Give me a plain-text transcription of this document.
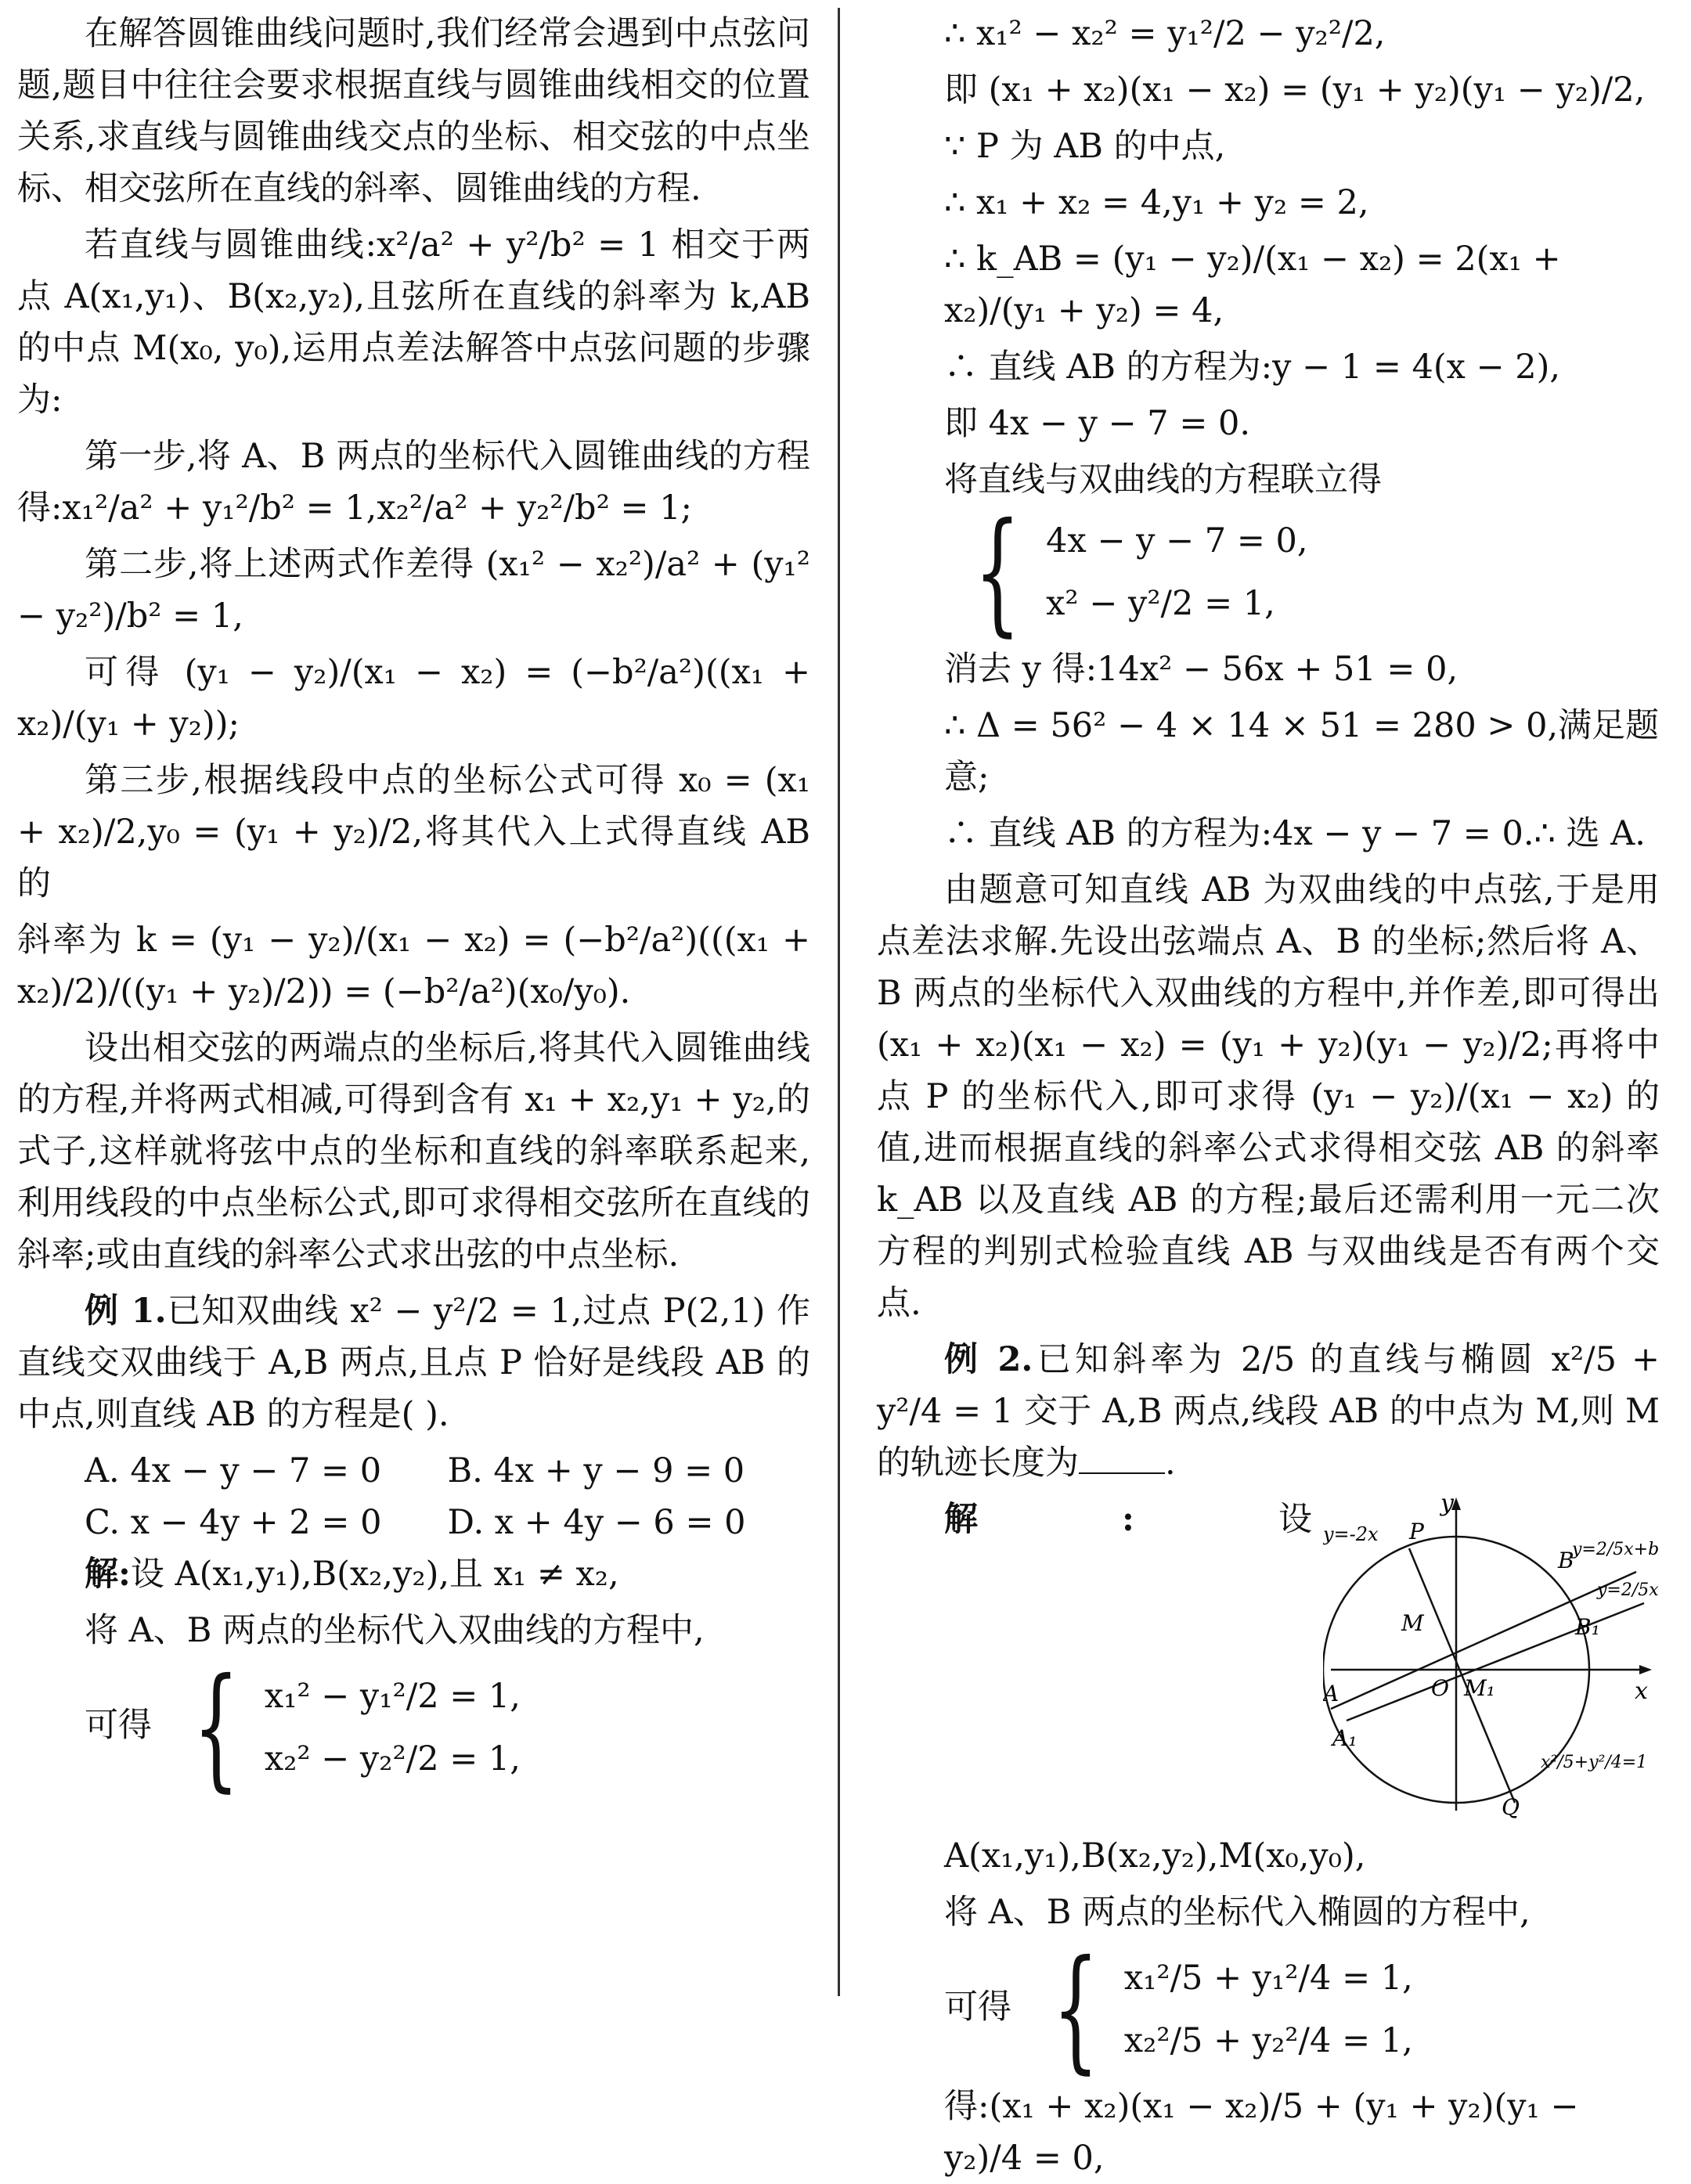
在解答圆锥曲线问题时,我们经常会遇到中点弦问题,题目中往往会要求根据直线与圆锥曲线相交的位置关系,求直线与圆锥曲线交点的坐标、相交弦的中点坐标、相交弦所在直线的斜率、圆锥曲线的方程.

若直线与圆锥曲线:x²/a² + y²/b² = 1 相交于两点 A(x₁,y₁)、B(x₂,y₂),且弦所在直线的斜率为 k,AB 的中点 M(x₀, y₀),运用点差法解答中点弦问题的步骤为:

第一步,将 A、B 两点的坐标代入圆锥曲线的方程得:x₁²/a² + y₁²/b² = 1,x₂²/a² + y₂²/b² = 1;

第二步,将上述两式作差得 (x₁² − x₂²)/a² + (y₁² − y₂²)/b² = 1,

可得 (y₁ − y₂)/(x₁ − x₂) = (−b²/a²)((x₁ + x₂)/(y₁ + y₂));

第三步,根据线段中点的坐标公式可得 x₀ = (x₁ + x₂)/2,y₀ = (y₁ + y₂)/2,将其代入上式得直线 AB 的

斜率为 k = (y₁ − y₂)/(x₁ − x₂) = (−b²/a²)(((x₁ + x₂)/2)/((y₁ + y₂)/2)) = (−b²/a²)(x₀/y₀).

设出相交弦的两端点的坐标后,将其代入圆锥曲线的方程,并将两式相减,可得到含有 x₁ + x₂,y₁ + y₂,的式子,这样就将弦中点的坐标和直线的斜率联系起来,利用线段的中点坐标公式,即可求得相交弦所在直线的斜率;或由直线的斜率公式求出弦的中点坐标.

例 1.已知双曲线 x² − y²/2 = 1,过点 P(2,1) 作直线交双曲线于 A,B 两点,且点 P 恰好是线段 AB 的中点,则直线 AB 的方程是( ).

A. 4x − y − 7 = 0	B. 4x + y − 9 = 0
C. x − 4y + 2 = 0	D. x + 4y − 6 = 0

解:设 A(x₁,y₁),B(x₂,y₂),且 x₁ ≠ x₂,

将 A、B 两点的坐标代入双曲线的方程中,

可得 { x₁² − y₁²/2 = 1,
x₂² − y₂²/2 = 1,
∴ x₁² − x₂² = y₁²/2 − y₂²/2,
即 (x₁ + x₂)(x₁ − x₂) = (y₁ + y₂)(y₁ − y₂)/2,
∵ P 为 AB 的中点,
∴ x₁ + x₂ = 4,y₁ + y₂ = 2,
∴ k_AB = (y₁ − y₂)/(x₁ − x₂) = 2(x₁ + x₂)/(y₁ + y₂) = 4,
∴ 直线 AB 的方程为:y − 1 = 4(x − 2),
即 4x − y − 7 = 0.
将直线与双曲线的方程联立得
{ 4x − y − 7 = 0,
x² − y²/2 = 1,
消去 y 得:14x² − 56x + 51 = 0,
∴ Δ = 56² − 4 × 14 × 51 = 280 > 0,满足题意;
∴ 直线 AB 的方程为:4x − y − 7 = 0.∴ 选 A.

由题意可知直线 AB 为双曲线的中点弦,于是用点差法求解.先设出弦端点 A、B 的坐标;然后将 A、B 两点的坐标代入双曲线的方程中,并作差,即可得出 (x₁ + x₂)(x₁ − x₂) = (y₁ + y₂)(y₁ − y₂)/2;再将中点 P 的坐标代入,即可求得 (y₁ − y₂)/(x₁ − x₂) 的值,进而根据直线的斜率公式求得相交弦 AB 的斜率 k_AB 以及直线 AB 的方程;最后还需利用一元二次方程的判别式检验直线 AB 与双曲线是否有两个交点.

例 2.已知斜率为 2/5 的直线与椭圆 x²/5 + y²/4 = 1 交于 A,B 两点,线段 AB 的中点为 M,则 M 的轨迹长度为	.

y
x
O
y=-2x P
B
y=2/5x+b
y=2/5x
M	B₁
A	M₁
A₁
x²/5+y²/4=1
Q

解:设 A(x₁,y₁),B(x₂,y₂),M(x₀,y₀),

将 A、B 两点的坐标代入椭圆的方程中,

可得 { x₁²/5 + y₁²/4 = 1,
x₂²/5 + y₂²/4 = 1,
得:(x₁ + x₂)(x₁ − x₂)/5 + (y₁ + y₂)(y₁ − y₂)/4 = 0,
